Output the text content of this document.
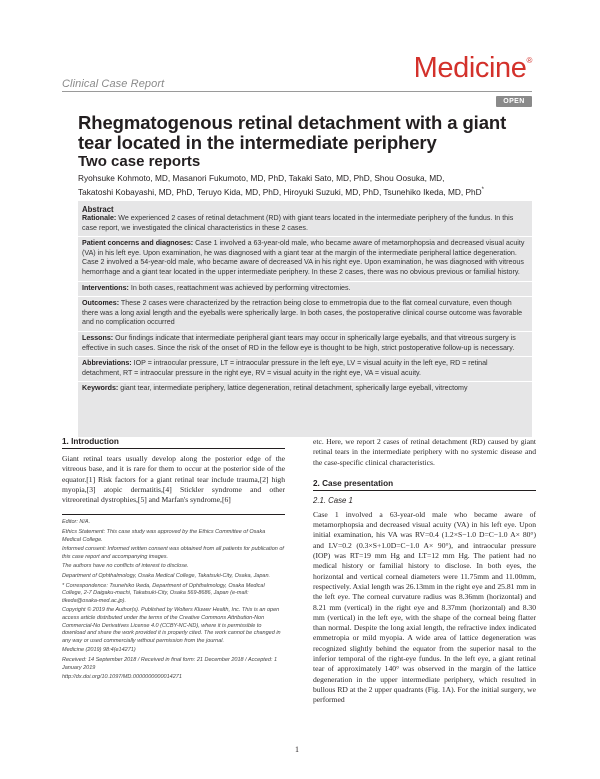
Clinical Case Report	Medicine®
OPEN
Rhegmatogenous retinal detachment with a giant tear located in the intermediate periphery
Two case reports
Ryohsuke Kohmoto, MD, Masanori Fukumoto, MD, PhD, Takaki Sato, MD, PhD, Shou Oosuka, MD,
Takatoshi Kobayashi, MD, PhD, Teruyo Kida, MD, PhD, Hiroyuki Suzuki, MD, PhD, Tsunehiko Ikeda, MD, PhD*
Abstract
Rationale: We experienced 2 cases of retinal detachment (RD) with giant tears located in the intermediate periphery of the fundus. In this case report, we investigated the clinical characteristics in these 2 cases.
Patient concerns and diagnoses: Case 1 involved a 63-year-old male, who became aware of metamorphopsia and decreased visual acuity (VA) in his left eye. Upon examination, he was diagnosed with a giant tear at the margin of the intermediate peripheral lattice degeneration. Case 2 involved a 54-year-old male, who became aware of decreased VA in his right eye. Upon examination, he was diagnosed with vitreous hemorrhage and a giant tear located in the upper intermediate periphery. In these 2 cases, there was no obvious previous or familial history.
Interventions: In both cases, reattachment was achieved by performing vitrectomies.
Outcomes: These 2 cases were characterized by the retraction being close to emmetropia due to the flat corneal curvature, even though there was a long axial length and the eyeballs were spherically large. In both cases, the postoperative clinical course outcome was favorable and no complication occurred
Lessons: Our findings indicate that intermediate peripheral giant tears may occur in spherically large eyeballs, and that vitreous surgery is effective in such cases. Since the risk of the onset of RD in the fellow eye is thought to be high, strict postoperative follow-up is necessary.
Abbreviations: IOP = intraocular pressure, LT = intraocular pressure in the left eye, LV = visual acuity in the left eye, RD = retinal detachment, RT = intraocular pressure in the right eye, RV = visual acuity in the right eye, VA = visual acuity.
Keywords: giant tear, intermediate periphery, lattice degeneration, retinal detachment, spherically large eyeball, vitrectomy
1. Introduction
Giant retinal tears usually develop along the posterior edge of the vitreous base, and it is rare for them to occur at the posterior side of the equator.[1] Risk factors for a giant retinal tear include trauma,[2] high myopia,[3] atopic dermatitis,[4] Stickler syndrome and other vitreoretinal dystrophies,[5] and Marfan's syndrome,[6]

Editor: N/A.

Ethics Statement: This case study was approved by the Ethics Committee of Osaka Medical College.

Informed consent: Informed written consent was obtained from all patients for publication of this case report and accompanying images.

The authors have no conflicts of interest to disclose.

Department of Ophthalmology, Osaka Medical College, Takatsuki-City, Osaka, Japan.

* Correspondence: Tsunehiko Ikeda, Department of Ophthalmology, Osaka Medical College, 2-7 Daigaku-machi, Takatsuki-City, Osaka 569-8686, Japan (e-mail: tikeda@osaka-med.ac.jp).

Copyright © 2019 the Author(s). Published by Wolters Kluwer Health, Inc. This is an open access article distributed under the terms of the Creative Commons Attribution-Non Commercial-No Derivatives License 4.0 (CCBY-NC-ND), where it is permissible to download and share the work provided it is properly cited. The work cannot be changed in any way or used commercially without permission from the journal.

Medicine (2019) 98:4(e14271)

Received: 14 September 2018 / Received in final form: 21 December 2018 / Accepted: 1 January 2019

http://dx.doi.org/10.1097/MD.0000000000014271

etc. Here, we report 2 cases of retinal detachment (RD) caused by giant retinal tears in the intermediate periphery with no systemic disease and the case-specific clinical characteristics.
2. Case presentation
2.1. Case 1
Case 1 involved a 63-year-old male who became aware of metamorphopsia and decreased visual acuity (VA) in his left eye. Upon initial examination, his VA was RV=0.4 (1.2×S−1.0 D=C−1.0 A× 80°) and LV=0.2 (0.3×S+1.0D=C−1.0 A× 90°), and intraocular pressure (IOP) was RT=19 mm Hg and LT=12 mm Hg. The patient had no medical history or familial history to disclose. In both eyes, the horizontal and vertical corneal diameters were 11.75mm and 11.00mm, respectively. Axial length was 26.13mm in the right eye and 25.81 mm in the left eye. The corneal curvature radius was 8.36mm (horizontal) and 8.21 mm (vertical) in the right eye and 8.37mm (horizontal) and 8.30 mm (vertical) in the left eye, with the shape of the corneal being flatter than normal. Despite the long axial length, the refractive index indicated emmetropia or mild myopia. A wide area of lattice degeneration was recognized slightly behind the equator from the superior nasal to the inferior temporal of the right-eye fundus. In the left eye, a giant retinal tear of approximately 140° was observed in the margin of the lattice degeneration in the upper intermediate periphery, which resulted in bullous RD at the 2 upper quadrants (Fig. 1A). For the initial surgery, we performed
1
